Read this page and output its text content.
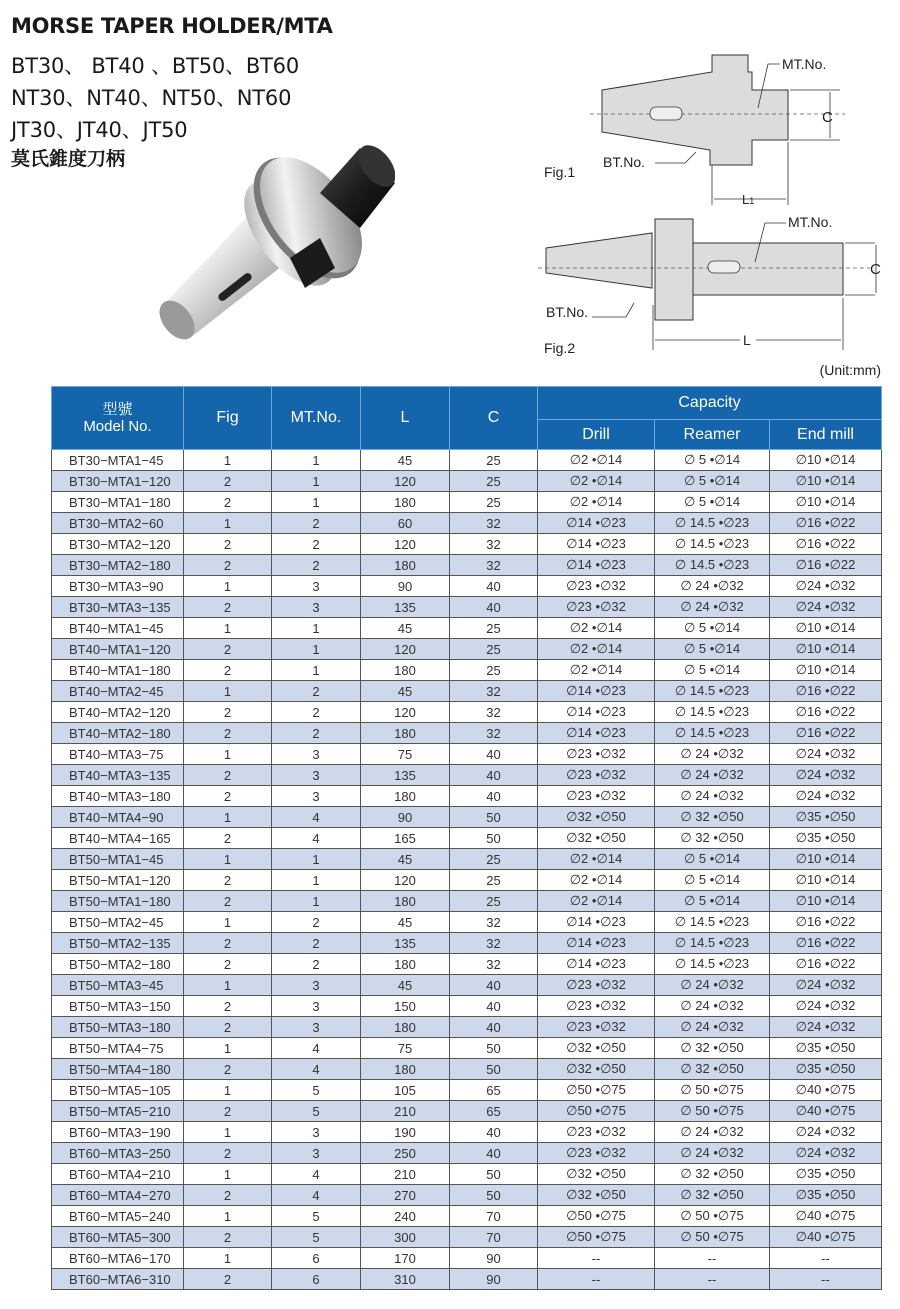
MORSE TAPER HOLDER/MTA
BT30、 BT40 、BT50、BT60
NT30、NT40、NT50、NT60
JT30、JT40、JT50
莫氏錐度刀柄
C
L1
MT.No.
BT.No.
Fig.1
C
L
MT.No.
BT.No.
Fig.2
(Unit:mm)
型號
Model No.	Fig	MT.No.	L	C	Capacity		
					Drill	Reamer	End mill
BT30−MTA1−45	1	1	45	25	∅2 •∅14	∅ 5 •∅14	∅10 •∅14
BT30−MTA1−120	2	1	120	25	∅2 •∅14	∅ 5 •∅14	∅10 •∅14
BT30−MTA1−180	2	1	180	25	∅2 •∅14	∅ 5 •∅14	∅10 •∅14
BT30−MTA2−60	1	2	60	32	∅14 •∅23	∅ 14.5 •∅23	∅16 •∅22
BT30−MTA2−120	2	2	120	32	∅14 •∅23	∅ 14.5 •∅23	∅16 •∅22
BT30−MTA2−180	2	2	180	32	∅14 •∅23	∅ 14.5 •∅23	∅16 •∅22
BT30−MTA3−90	1	3	90	40	∅23 •∅32	∅ 24 •∅32	∅24 •∅32
BT30−MTA3−135	2	3	135	40	∅23 •∅32	∅ 24 •∅32	∅24 •∅32
BT40−MTA1−45	1	1	45	25	∅2 •∅14	∅ 5 •∅14	∅10 •∅14
BT40−MTA1−120	2	1	120	25	∅2 •∅14	∅ 5 •∅14	∅10 •∅14
BT40−MTA1−180	2	1	180	25	∅2 •∅14	∅ 5 •∅14	∅10 •∅14
BT40−MTA2−45	1	2	45	32	∅14 •∅23	∅ 14.5 •∅23	∅16 •∅22
BT40−MTA2−120	2	2	120	32	∅14 •∅23	∅ 14.5 •∅23	∅16 •∅22
BT40−MTA2−180	2	2	180	32	∅14 •∅23	∅ 14.5 •∅23	∅16 •∅22
BT40−MTA3−75	1	3	75	40	∅23 •∅32	∅ 24 •∅32	∅24 •∅32
BT40−MTA3−135	2	3	135	40	∅23 •∅32	∅ 24 •∅32	∅24 •∅32
BT40−MTA3−180	2	3	180	40	∅23 •∅32	∅ 24 •∅32	∅24 •∅32
BT40−MTA4−90	1	4	90	50	∅32 •∅50	∅ 32 •∅50	∅35 •∅50
BT40−MTA4−165	2	4	165	50	∅32 •∅50	∅ 32 •∅50	∅35 •∅50
BT50−MTA1−45	1	1	45	25	∅2 •∅14	∅ 5 •∅14	∅10 •∅14
BT50−MTA1−120	2	1	120	25	∅2 •∅14	∅ 5 •∅14	∅10 •∅14
BT50−MTA1−180	2	1	180	25	∅2 •∅14	∅ 5 •∅14	∅10 •∅14
BT50−MTA2−45	1	2	45	32	∅14 •∅23	∅ 14.5 •∅23	∅16 •∅22
BT50−MTA2−135	2	2	135	32	∅14 •∅23	∅ 14.5 •∅23	∅16 •∅22
BT50−MTA2−180	2	2	180	32	∅14 •∅23	∅ 14.5 •∅23	∅16 •∅22
BT50−MTA3−45	1	3	45	40	∅23 •∅32	∅ 24 •∅32	∅24 •∅32
BT50−MTA3−150	2	3	150	40	∅23 •∅32	∅ 24 •∅32	∅24 •∅32
BT50−MTA3−180	2	3	180	40	∅23 •∅32	∅ 24 •∅32	∅24 •∅32
BT50−MTA4−75	1	4	75	50	∅32 •∅50	∅ 32 •∅50	∅35 •∅50
BT50−MTA4−180	2	4	180	50	∅32 •∅50	∅ 32 •∅50	∅35 •∅50
BT50−MTA5−105	1	5	105	65	∅50 •∅75	∅ 50 •∅75	∅40 •∅75
BT50−MTA5−210	2	5	210	65	∅50 •∅75	∅ 50 •∅75	∅40 •∅75
BT60−MTA3−190	1	3	190	40	∅23 •∅32	∅ 24 •∅32	∅24 •∅32
BT60−MTA3−250	2	3	250	40	∅23 •∅32	∅ 24 •∅32	∅24 •∅32
BT60−MTA4−210	1	4	210	50	∅32 •∅50	∅ 32 •∅50	∅35 •∅50
BT60−MTA4−270	2	4	270	50	∅32 •∅50	∅ 32 •∅50	∅35 •∅50
BT60−MTA5−240	1	5	240	70	∅50 •∅75	∅ 50 •∅75	∅40 •∅75
BT60−MTA5−300	2	5	300	70	∅50 •∅75	∅ 50 •∅75	∅40 •∅75
BT60−MTA6−170	1	6	170	90	--	--	--
BT60−MTA6−310	2	6	310	90	--	--	--
